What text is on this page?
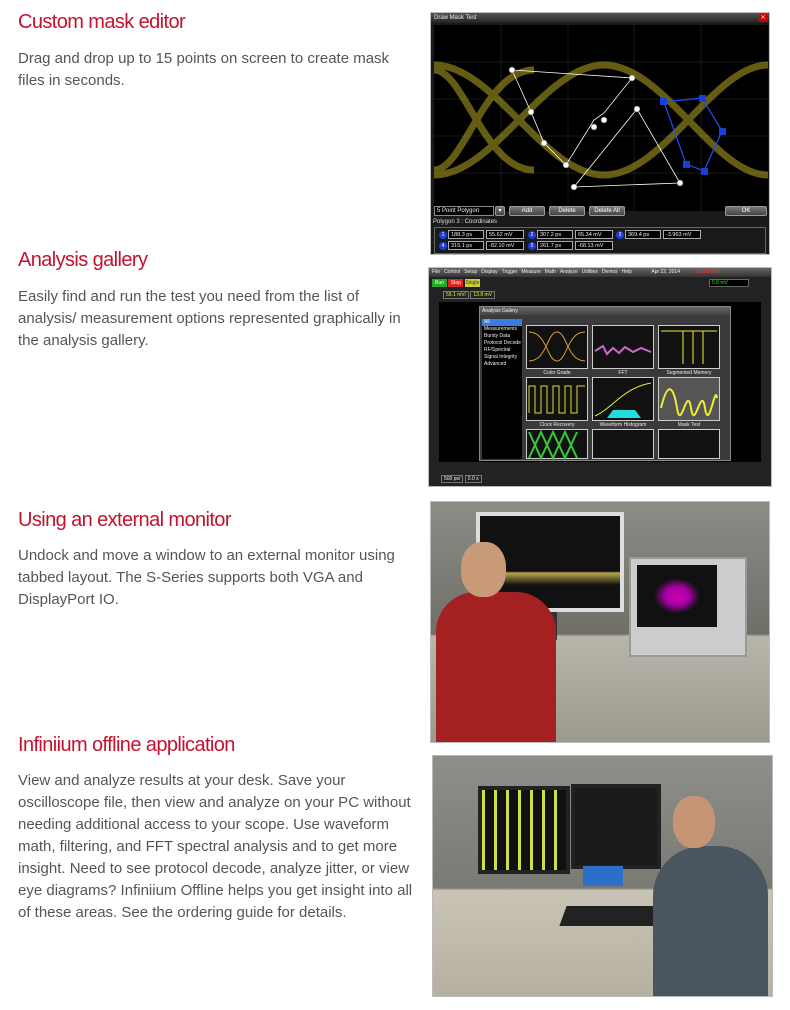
Custom mask editor

Drag and drop up to 15 points on screen to create mask files in seconds.

Draw Mask Test	✕
5 Point Polygon	▾	Add	Delete	Delete All	OK
Polygon 3 : Coordinates
1	188.3 ps	55.62 mV	2	307.2 ps	65.34 mV	3	369.4 ps	-3.963 mV
4	315.1 ps	-82.10 mV	5	261.7 ps	-68.13 mV
Analysis gallery

Easily find and run the test you need from the list of analysis/ measurement options represented graphically in the analysis gallery.

File Control Setup Display Trigger Measure Math Analyze Utilities Demos Help	Apr 22, 2014	KEYSIGHT
Run Stop Single	5.8 mV
59.1 mV/ 13.8 mV
Analysis Gallery
All
Measurements
Bursty Data
Protocol Decode
RF/Spectral
Signal Integrity
Advanced
Color Grade	FFT	Segmented Memory
Clock Recovery	Waveform Histogram	Mask Test
500 ps/ 0.0 s
Using an external monitor

Undock and move a window to an external monitor using tabbed layout. The S-Series supports both VGA and DisplayPort IO.

Infiniium offline application

View and analyze results at your desk. Save your oscilloscope file, then view and analyze on your PC without needing additional access to your scope. Use waveform math, filtering, and FFT spectral analysis and to get more insight. Need to see protocol decode, analyze jitter, or view eye diagrams? Infiniium Offline helps you get insight into all of these areas. See the ordering guide for details.
